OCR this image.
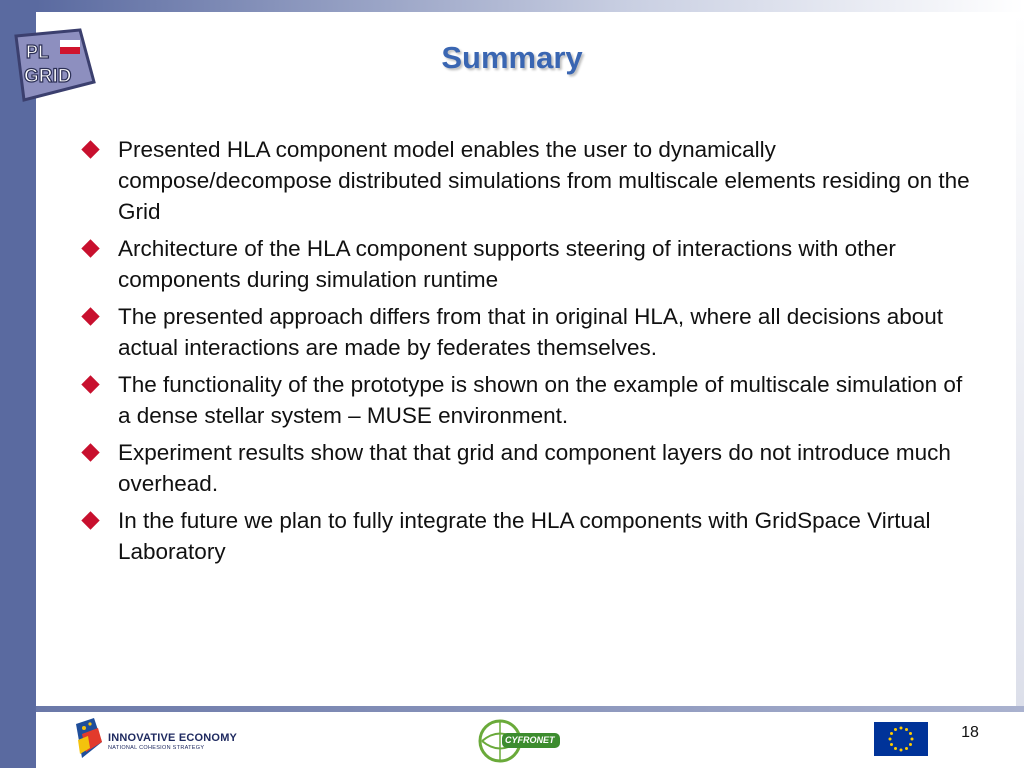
PL
GRID
Summary
Presented HLA component model enables the user to dynamically compose/decompose distributed simulations from multiscale elements residing on the Grid
Architecture of the HLA component supports steering of interactions with other components during simulation runtime
The presented approach differs from that in original HLA, where all decisions about actual interactions are made by federates themselves.
The functionality of the prototype is shown on the example of multiscale simulation of a dense stellar system – MUSE environment.
Experiment results show that that grid and component layers do not introduce much overhead.
In the future we plan to fully integrate the HLA components with GridSpace Virtual Laboratory
INNOVATIVE ECONOMY
NATIONAL COHESION STRATEGY
CYFRONET	18
